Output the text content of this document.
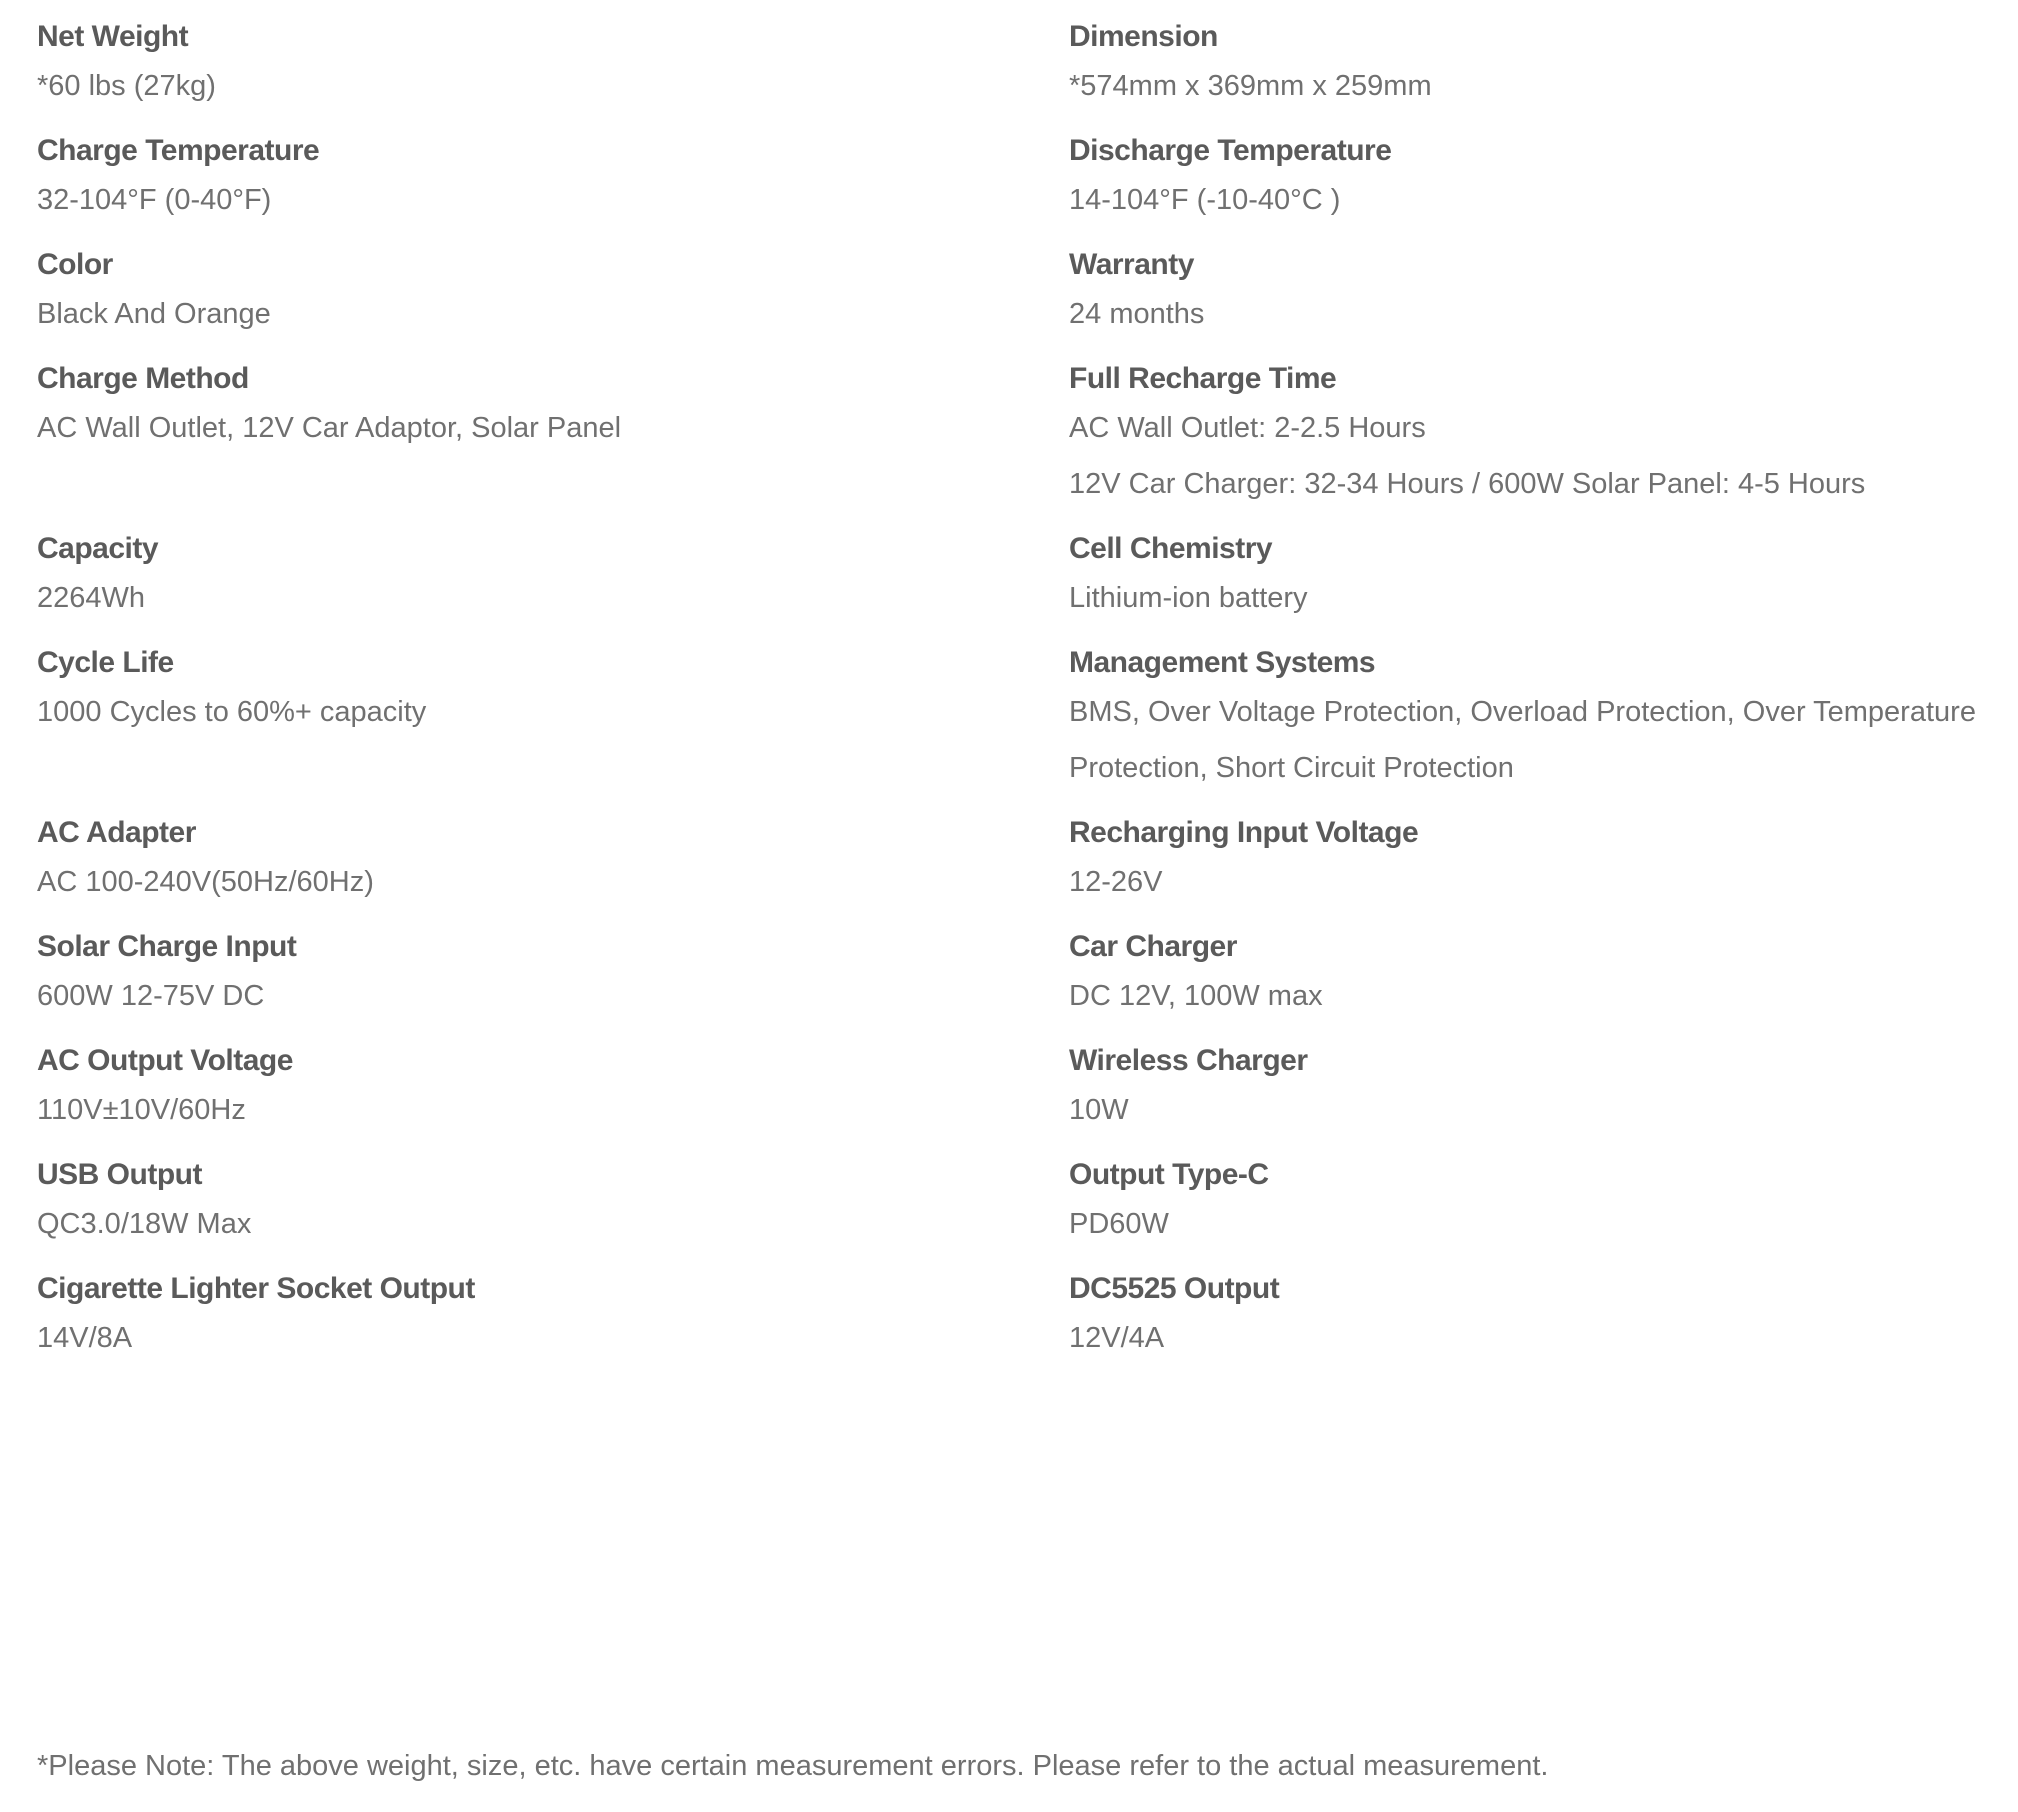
Net Weight
*60 lbs (27kg)
Dimension
*574mm x 369mm x 259mm
Charge Temperature
32-104°F (0-40°F)
Discharge Temperature
14-104°F (-10-40°C )
Color
Black And Orange
Warranty
24 months
Charge Method
AC Wall Outlet, 12V Car Adaptor, Solar Panel
Full Recharge Time
AC Wall Outlet: 2-2.5 Hours
12V Car Charger: 32-34 Hours / 600W Solar Panel: 4-5 Hours
Capacity
2264Wh
Cell Chemistry
Lithium-ion battery
Cycle Life
1000 Cycles to 60%+ capacity
Management Systems
BMS, Over Voltage Protection, Overload Protection, Over Temperature
Protection, Short Circuit Protection
AC Adapter
AC 100-240V(50Hz/60Hz)
Recharging Input Voltage
12-26V
Solar Charge Input
600W 12-75V DC
Car Charger
DC 12V, 100W max
AC Output Voltage
110V±10V/60Hz
Wireless Charger
10W
USB Output
QC3.0/18W Max
Output Type-C
PD60W
Cigarette Lighter Socket Output
14V/8A
DC5525 Output
12V/4A
*Please Note: The above weight, size, etc. have certain measurement errors. Please refer to the actual measurement.
